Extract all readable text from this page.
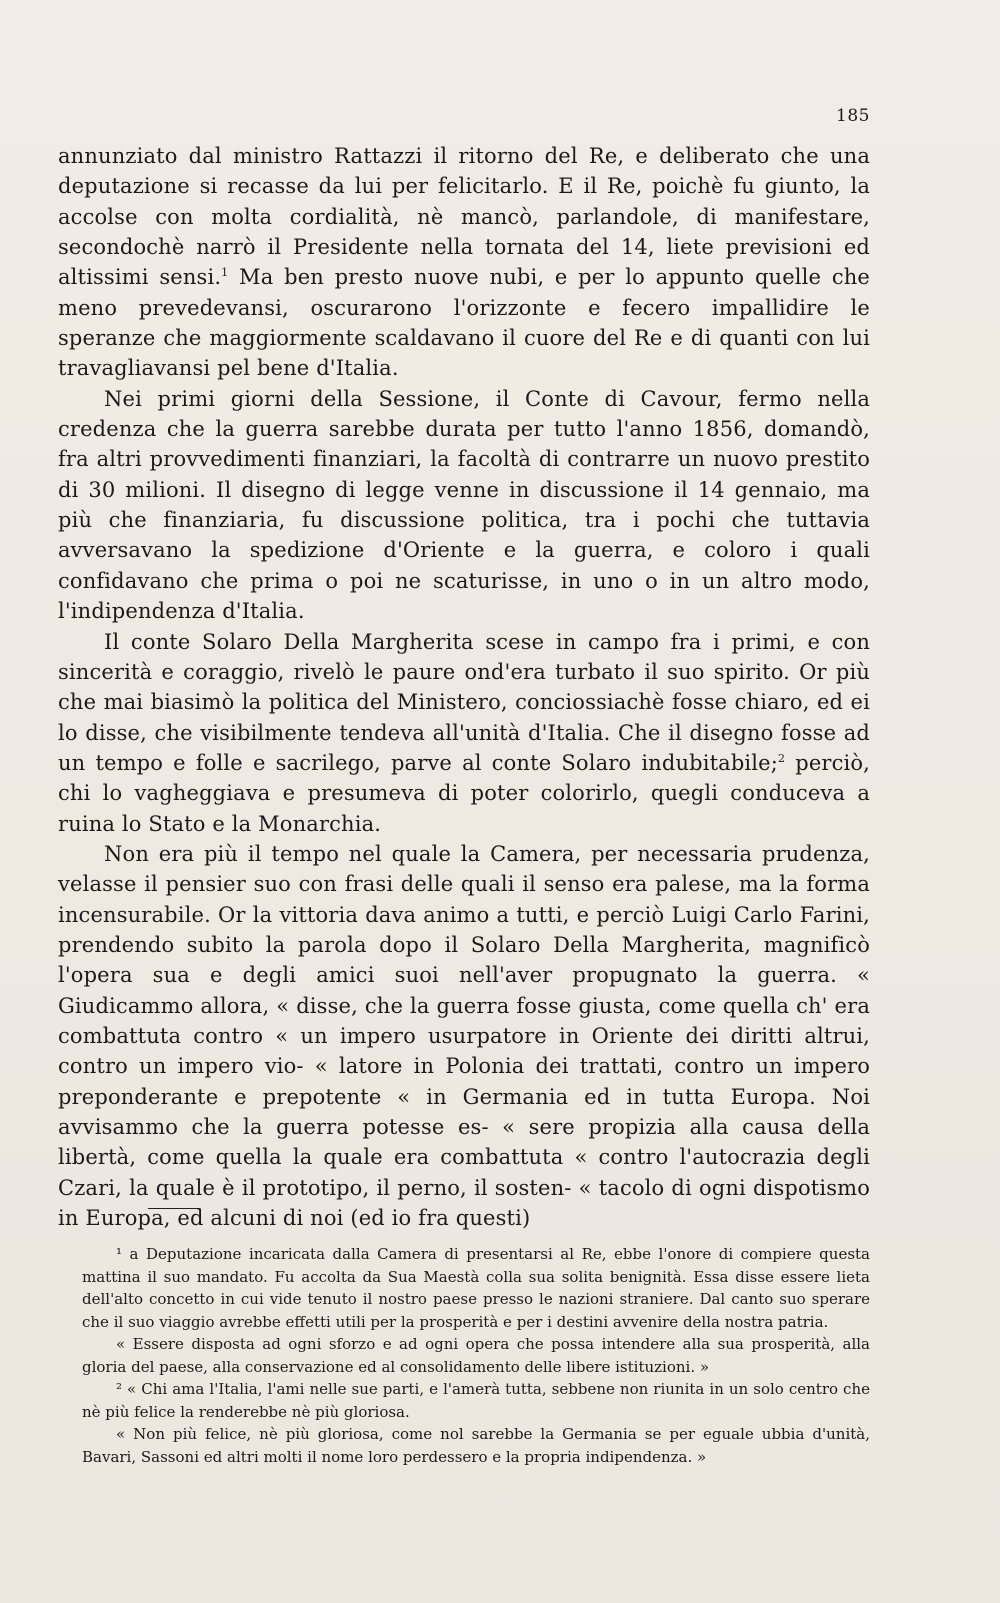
185

annunziato dal ministro Rattazzi il ritorno del Re, e deliberato che una deputazione si recasse da lui per felicitarlo. E il Re, poichè fu giunto, la accolse con molta cordialità, nè mancò, parlandole, di manifestare, secondochè narrò il Presidente nella tornata del 14, liete previsioni ed altissimi sensi.$^1$ Ma ben presto nuove nubi, e per lo appunto quelle che meno prevedevansi, oscurarono l'orizzonte e fecero impallidire le speranze che maggiormente scaldavano il cuore del Re e di quanti con lui travagliavansi pel bene d'Italia.

Nei primi giorni della Sessione, il Conte di Cavour, fermo nella credenza che la guerra sarebbe durata per tutto l'anno 1856, domandò, fra altri provvedimenti finanziari, la facoltà di contrarre un nuovo prestito di 30 milioni. Il disegno di legge venne in discussione il 14 gennaio, ma più che finanziaria, fu discussione politica, tra i pochi che tuttavia avversavano la spedizione d'Oriente e la guerra, e coloro i quali confidavano che prima o poi ne scaturisse, in uno o in un altro modo, l'indipendenza d'Italia.

Il conte Solaro Della Margherita scese in campo fra i primi, e con sincerità e coraggio, rivelò le paure ond'era turbato il suo spirito. Or più che mai biasimò la politica del Ministero, conciossiachè fosse chiaro, ed ei lo disse, che visibilmente tendeva all'unità d'Italia. Che il disegno fosse ad un tempo e folle e sacrilego, parve al conte Solaro indubitabile;$^2$ perciò, chi lo vagheggiava e presumeva di poter colorirlo, quegli conduceva a ruina lo Stato e la Monarchia.

Non era più il tempo nel quale la Camera, per necessaria prudenza, velasse il pensier suo con frasi delle quali il senso era palese, ma la forma incensurabile. Or la vittoria dava animo a tutti, e perciò Luigi Carlo Farini, prendendo subito la parola dopo il Solaro Della Margherita, magnificò l'opera sua e degli amici suoi nell'aver propugnato la guerra. « Giudicammo allora, « disse, che la guerra fosse giusta, come quella ch' era combattuta contro « un impero usurpatore in Oriente dei diritti altrui, contro un impero vio- « latore in Polonia dei trattati, contro un impero preponderante e prepotente « in Germania ed in tutta Europa. Noi avvisammo che la guerra potesse es- « sere propizia alla causa della libertà, come quella la quale era combattuta « contro l'autocrazia degli Czari, la quale è il prototipo, il perno, il sosten- « tacolo di ogni dispotismo in Europa, ed alcuni di noi (ed io fra questi)

¹ a Deputazione incaricata dalla Camera di presentarsi al Re, ebbe l'onore di compiere questa mattina il suo mandato. Fu accolta da Sua Maestà colla sua solita benignità. Essa disse essere lieta dell'alto concetto in cui vide tenuto il nostro paese presso le nazioni straniere. Dal canto suo sperare che il suo viaggio avrebbe effetti utili per la prosperità e per i destini avvenire della nostra patria.

« Essere disposta ad ogni sforzo e ad ogni opera che possa intendere alla sua prosperità, alla gloria del paese, alla conservazione ed al consolidamento delle libere istituzioni. »

² « Chi ama l'Italia, l'ami nelle sue parti, e l'amerà tutta, sebbene non riunita in un solo centro che nè più felice la renderebbe nè più gloriosa.

« Non più felice, nè più gloriosa, come nol sarebbe la Germania se per eguale ubbia d'unità, Bavari, Sassoni ed altri molti il nome loro perdessero e la propria indipendenza. »
